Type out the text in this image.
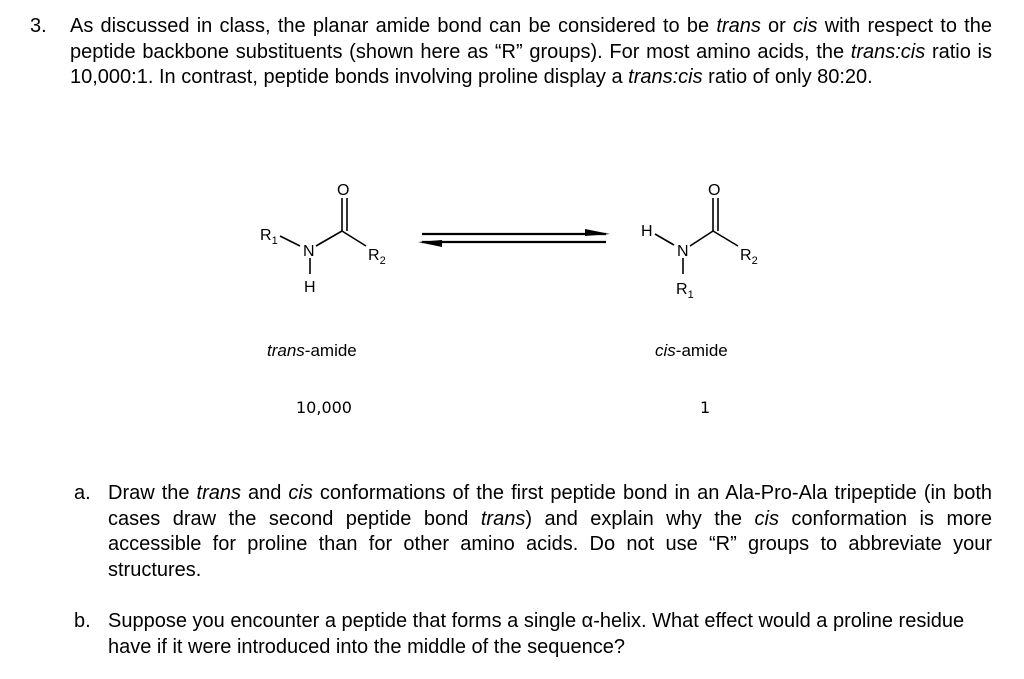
3. As discussed in class, the planar amide bond can be considered to be trans or cis with respect to the peptide backbone substituents (shown here as “R” groups). For most amino acids, the trans:cis ratio is 10,000:1. In contrast, peptide bonds involving proline display a trans:cis ratio of only 80:20.
$R_1$
N
O
$R_2$
H
H
N
O
$R_2$
$R_1$
trans-amide	cis-amide
10,000	1
a. Draw the trans and cis conformations of the first peptide bond in an Ala-Pro-Ala tripeptide (in both cases draw the second peptide bond trans) and explain why the cis conformation is more accessible for proline than for other amino acids. Do not use “R” groups to abbreviate your structures.
b. Suppose you encounter a peptide that forms a single α-helix. What effect would a proline residue have if it were introduced into the middle of the sequence?
